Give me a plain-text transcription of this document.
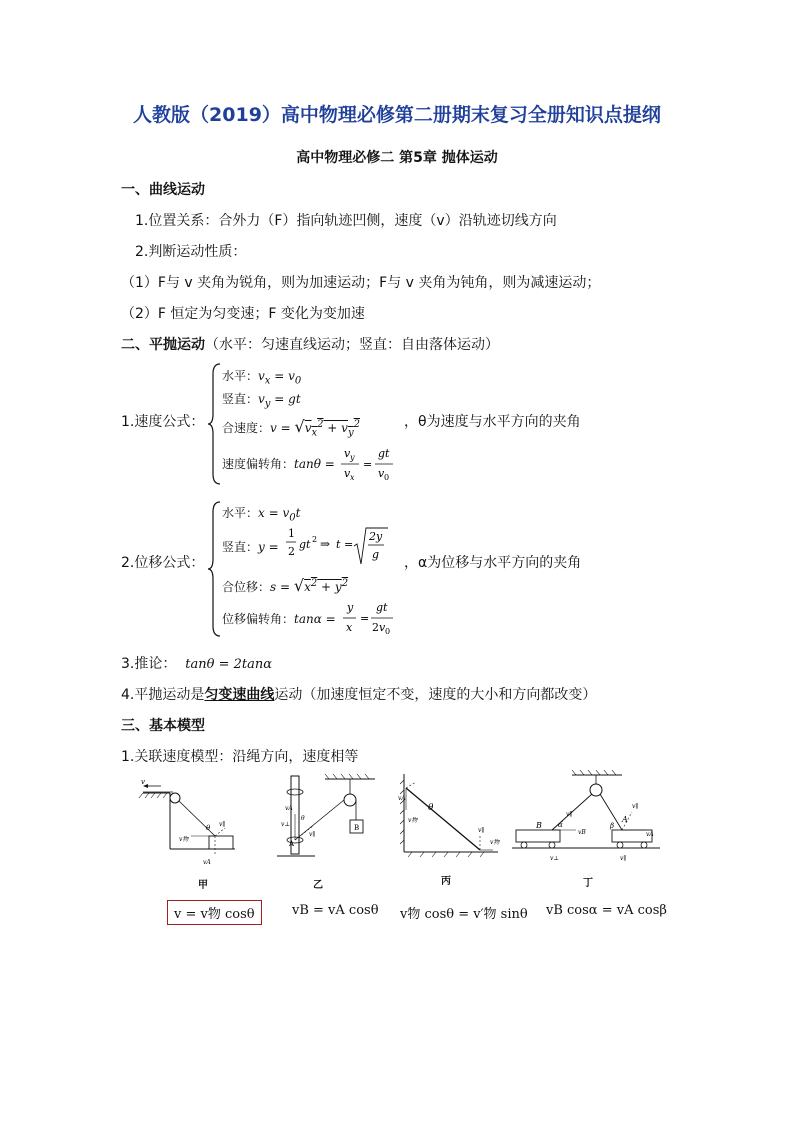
人教版（2019）高中物理必修第二册期末复习全册知识点提纲
高中物理必修二 第5章 抛体运动
一、曲线运动
1.位置关系：合外力（F）指向轨迹凹侧，速度（v）沿轨迹切线方向
2.判断运动性质：
（1）F与 v 夹角为锐角，则为加速运动；F与 v 夹角为钝角，则为减速运动；
（2）F 恒定为匀变速；F 变化为变加速
二、平抛运动（水平：匀速直线运动；竖直：自由落体运动）
1.速度公式：
水平：$v_x = v_0$
竖直：$v_y$ = gt
合速度：$v = √v_x^2 + v_y^2$
速度偏转角：tanθ =
v y
v x
=
gt
v 0
，θ为速度与水平方向的夹角
2.位移公式：
水平：$x = v_0t$
竖直：y =
1
2
gt 2 ⇒ t =
2y
g
合位移：$s = √x^2 + y^2$
位移偏转角：tanα =
y
x
=
gt
2 v 0
，α为位移与水平方向的夹角
3.推论： tanθ = 2tanα
4.平抛运动是匀变速曲线运动（加速度恒定不变，速度的大小和方向都改变）
三、基本模型
1.关联速度模型：沿绳方向，速度相等
v
v∥
θ
v物
vA
甲
B
A
v∥
v⊥
vA
θ
乙
θ
vA
v物
v物
v∥
丙
B α	β
A
v∥
v∥
vB	vA
v⊥	v∥
丁
v = v物 cosθ	vB = vA cosθ v物 cosθ = v′物 sinθ vB cosα = vA cosβ
